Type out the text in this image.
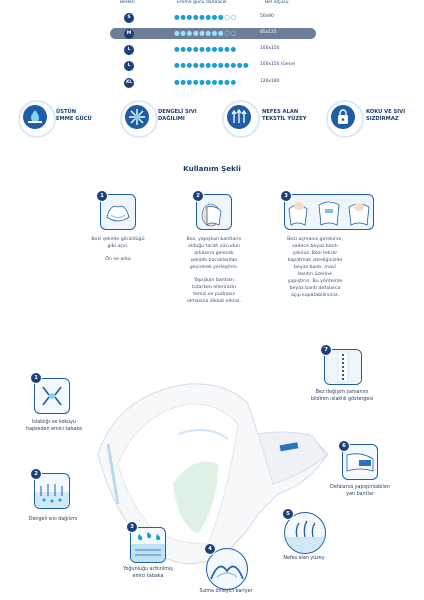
Beden	Emme gücü damlacık	Bel ölçüsü
S	●●●●●●●●○○	50x90
M	●●●●●●●●○○	85x125
L	●●●●●●●●●●	100x150
L	●●●●●●●●●●●● 100x150 (Gece)
XL	●●●●●●●●●●	120x180
ÜSTÜN
EMME GÜCÜ
DENGELİ SIVI
DAĞILIMI
NEFES ALAN
TEKSTİL YÜZEY
KOKU VE SIVI
SIZDIRMAZ
Kullanım Şekli
1
Bezi şekilde görüldüğü
gibi açın.
Ön ve arka
2
Bez, yapışkan bantların
olduğu tarafı vücudun
arkasına gelecek
şekilde bacaklardan
geçirerek yerleştirin.
Yapışkan bantları
tutarken ellerinizin
temiz ve pudrasız
olmasına dikkat ediniz.
3
Bezi açmanız gerekirse,
sadece beyaz bantı
çekiniz. Bezi tekrar
kapatmak istediğinizde
beyaz bantı, mavi
bantın üzerine
yapıştırın. Bu yöntemle
beyaz bantı defalarca
açıp kapatabilirsiniz.
1
Islaklığı ve kokuyu
hapseden emici tabaka
2
Dengeli sıvı dağılımı
3
Yoğunluğu arttırılmış
emici tabaka
4
Sızma önleyici bariyer
5
Nefes alan yüzey
6
Defalarca yapıştırılabilen
yan bantlar
7
Bez değişim zamanını
bildiren ıslaklık göstergesi
